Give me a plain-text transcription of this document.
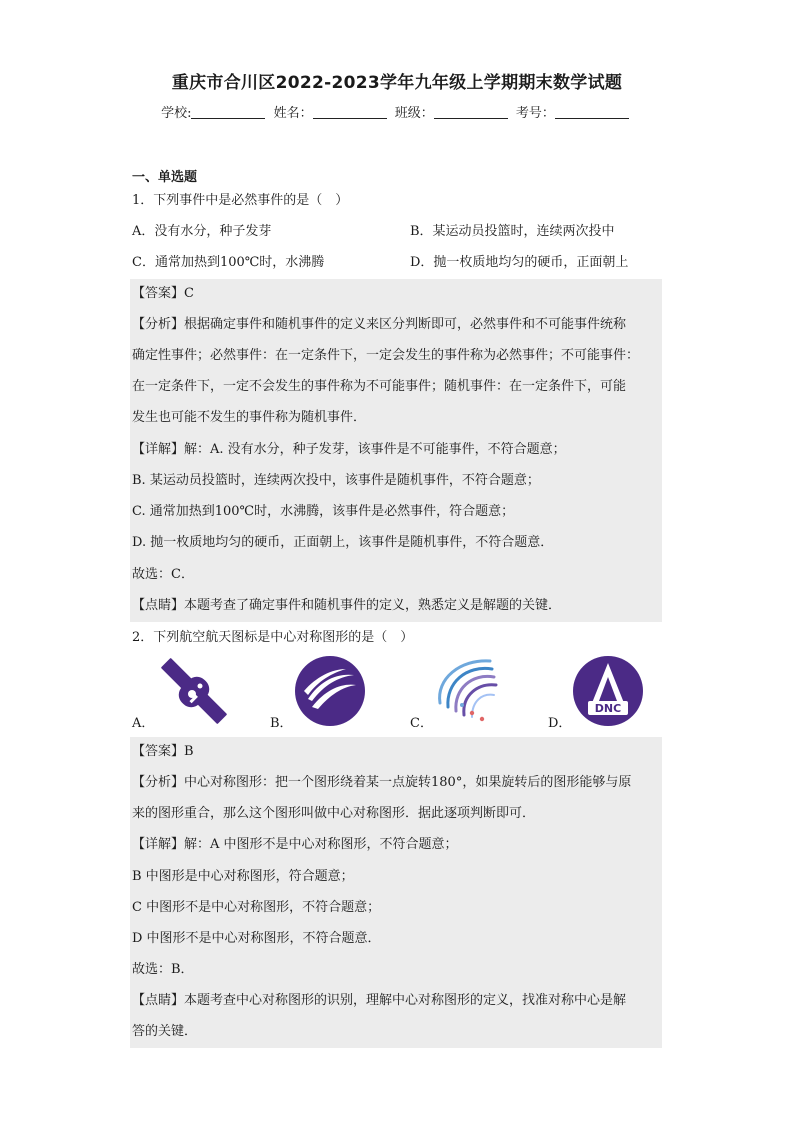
重庆市合川区2022-2023学年九年级上学期期末数学试题
学校:	姓名：	班级：	考号：
一、单选题
1．下列事件中是必然事件的是（　）
A．没有水分，种子发芽	B．某运动员投篮时，连续两次投中
C．通常加热到100℃时，水沸腾	D．抛一枚质地均匀的硬币，正面朝上
【答案】C
【分析】根据确定事件和随机事件的定义来区分判断即可，必然事件和不可能事件统称
确定性事件；必然事件：在一定条件下，一定会发生的事件称为必然事件；不可能事件：
在一定条件下，一定不会发生的事件称为不可能事件；随机事件：在一定条件下，可能
发生也可能不发生的事件称为随机事件．
【详解】解：A. 没有水分，种子发芽，该事件是不可能事件，不符合题意；
B. 某运动员投篮时，连续两次投中，该事件是随机事件，不符合题意；
C. 通常加热到100℃时，水沸腾，该事件是必然事件，符合题意；
D. 抛一枚质地均匀的硬币，正面朝上，该事件是随机事件，不符合题意．
故选：C．
【点睛】本题考查了确定事件和随机事件的定义，熟悉定义是解题的关键．
2．下列航空航天图标是中心对称图形的是（　）
A．	B．	C．
DNC
D．
【答案】B
【分析】中心对称图形：把一个图形绕着某一点旋转180°，如果旋转后的图形能够与原
来的图形重合，那么这个图形叫做中心对称图形．据此逐项判断即可．
【详解】解：A 中图形不是中心对称图形，不符合题意；
B 中图形是中心对称图形，符合题意；
C 中图形不是中心对称图形，不符合题意；
D 中图形不是中心对称图形，不符合题意．
故选：B．
【点睛】本题考查中心对称图形的识别，理解中心对称图形的定义，找准对称中心是解
答的关键．
